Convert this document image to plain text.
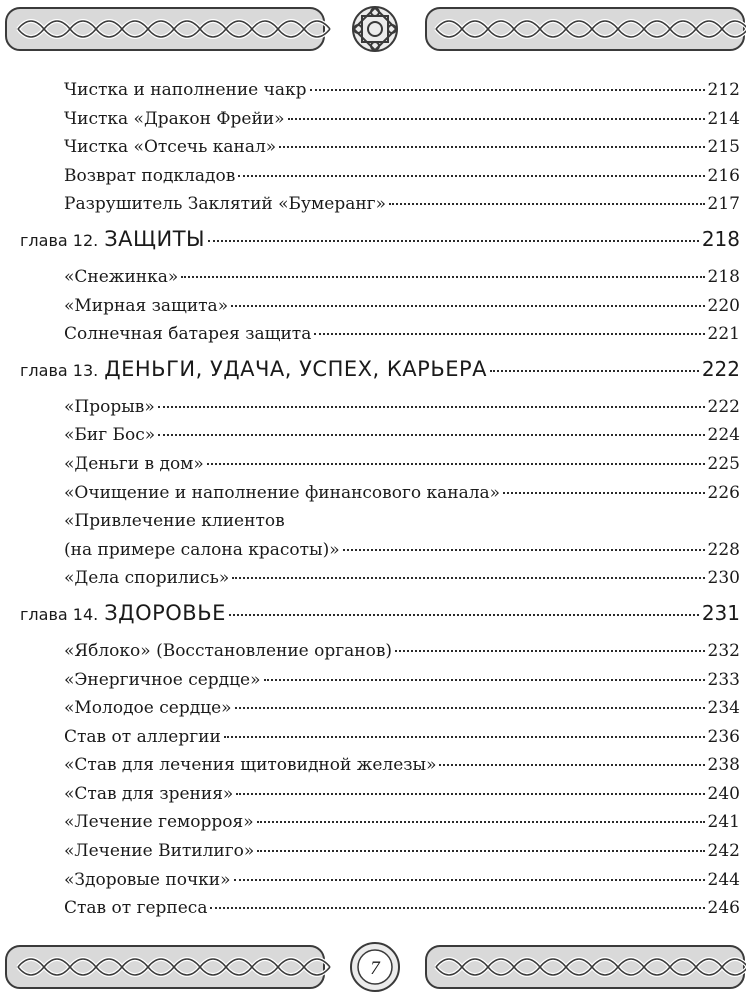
Чистка и наполнение чакр	212
Чистка «Дракон Фрейи»	214
Чистка «Отсечь канал»	215
Возврат подкладов	216
Разрушитель Заклятий «Бумеранг»	217
глава 12. ЗАЩИТЫ	218
«Снежинка»	218
«Мирная защита»	220
Солнечная батарея защита	221
глава 13. ДЕНЬГИ, УДАЧА, УСПЕХ, КАРЬЕРА	222
«Прорыв»	222
«Биг Бос»	224
«Деньги в дом»	225
«Очищение и наполнение финансового канала»	226
«Привлечение клиентов
(на примере салона красоты)»	228
«Дела спорились»	230
глава 14. ЗДОРОВЬЕ	231
«Яблоко» (Восстановление органов)	232
«Энергичное сердце»	233
«Молодое сердце»	234
Став от аллергии	236
«Став для лечения щитовидной железы»	238
«Став для зрения»	240
«Лечение геморроя»	241
«Лечение Витилиго»	242
«Здоровые почки»	244
Став от герпеса	246
7
